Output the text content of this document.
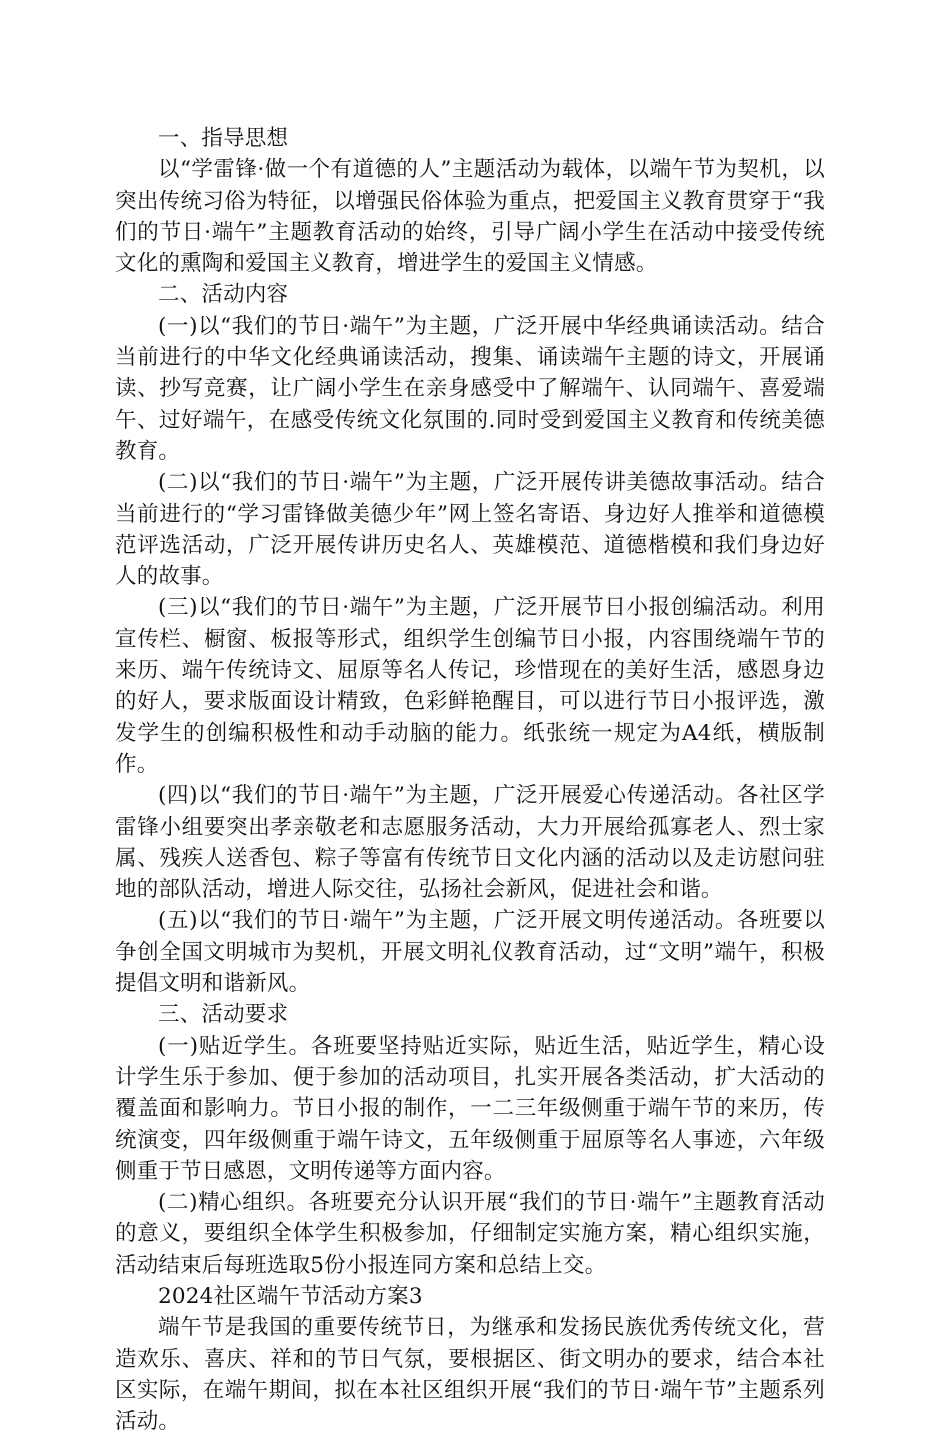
一、指导思想

以“学雷锋·做一个有道德的人”主题活动为载体，以端午节为契机，以突出传统习俗为特征，以增强民俗体验为重点，把爱国主义教育贯穿于“我们的节日·端午”主题教育活动的始终，引导广阔小学生在活动中接受传统文化的熏陶和爱国主义教育，增进学生的爱国主义情感。

二、活动内容

(一)以“我们的节日·端午”为主题，广泛开展中华经典诵读活动。结合当前进行的中华文化经典诵读活动，搜集、诵读端午主题的诗文，开展诵读、抄写竞赛，让广阔小学生在亲身感受中了解端午、认同端午、喜爱端午、过好端午，在感受传统文化氛围的.同时受到爱国主义教育和传统美德教育。

(二)以“我们的节日·端午”为主题，广泛开展传讲美德故事活动。结合当前进行的“学习雷锋做美德少年”网上签名寄语、身边好人推举和道德模范评选活动，广泛开展传讲历史名人、英雄模范、道德楷模和我们身边好人的故事。

(三)以“我们的节日·端午”为主题，广泛开展节日小报创编活动。利用宣传栏、橱窗、板报等形式，组织学生创编节日小报，内容围绕端午节的来历、端午传统诗文、屈原等名人传记，珍惜现在的美好生活，感恩身边的好人，要求版面设计精致，色彩鲜艳醒目，可以进行节日小报评选，激发学生的创编积极性和动手动脑的能力。纸张统一规定为A4纸，横版制作。

(四)以“我们的节日·端午”为主题，广泛开展爱心传递活动。各社区学雷锋小组要突出孝亲敬老和志愿服务活动，大力开展给孤寡老人、烈士家属、残疾人送香包、粽子等富有传统节日文化内涵的活动以及走访慰问驻地的部队活动，增进人际交往，弘扬社会新风，促进社会和谐。

(五)以“我们的节日·端午”为主题，广泛开展文明传递活动。各班要以争创全国文明城市为契机，开展文明礼仪教育活动，过“文明”端午，积极提倡文明和谐新风。

三、活动要求

(一)贴近学生。各班要坚持贴近实际，贴近生活，贴近学生，精心设计学生乐于参加、便于参加的活动项目，扎实开展各类活动，扩大活动的覆盖面和影响力。节日小报的制作，一二三年级侧重于端午节的来历，传统演变，四年级侧重于端午诗文，五年级侧重于屈原等名人事迹，六年级侧重于节日感恩，文明传递等方面内容。

(二)精心组织。各班要充分认识开展“我们的节日·端午”主题教育活动的意义，要组织全体学生积极参加，仔细制定实施方案，精心组织实施，活动结束后每班选取5份小报连同方案和总结上交。

2024社区端午节活动方案3

端午节是我国的重要传统节日，为继承和发扬民族优秀传统文化，营造欢乐、喜庆、祥和的节日气氛，要根据区、街文明办的要求，结合本社区实际，在端午期间，拟在本社区组织开展“我们的节日·端午节”主题系列活动。
